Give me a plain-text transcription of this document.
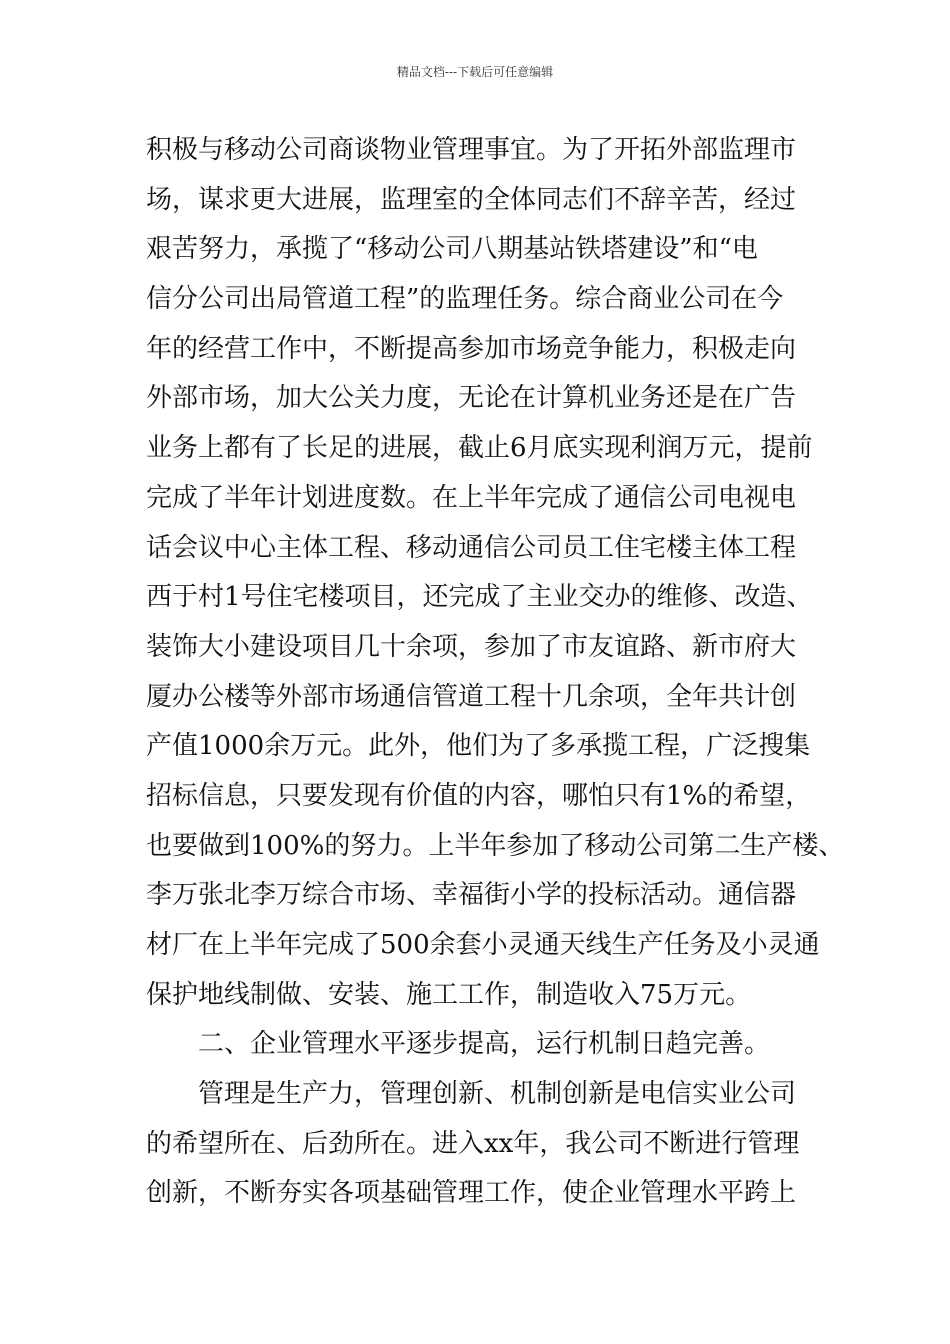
精品文档---下载后可任意编辑
积极与移动公司商谈物业管理事宜。为了开拓外部监理市
场，谋求更大进展，监理室的全体同志们不辞辛苦，经过
艰苦努力，承揽了“移动公司八期基站铁塔建设”和“电
信分公司出局管道工程”的监理任务。综合商业公司在今
年的经营工作中，不断提高参加市场竞争能力，积极走向
外部市场，加大公关力度，无论在计算机业务还是在广告
业务上都有了长足的进展，截止6月底实现利润万元，提前
完成了半年计划进度数。在上半年完成了通信公司电视电
话会议中心主体工程、移动通信公司员工住宅楼主体工程
西于村1号住宅楼项目，还完成了主业交办的维修、改造、
装饰大小建设项目几十余项，参加了市友谊路、新市府大
厦办公楼等外部市场通信管道工程十几余项，全年共计创
产值1000余万元。此外，他们为了多承揽工程，广泛搜集
招标信息，只要发现有价值的内容，哪怕只有1%的希望，
也要做到100%的努力。上半年参加了移动公司第二生产楼、
李万张北李万综合市场、幸福街小学的投标活动。通信器
材厂在上半年完成了500余套小灵通天线生产任务及小灵通
保护地线制做、安装、施工工作，制造收入75万元。
二、企业管理水平逐步提高，运行机制日趋完善。
管理是生产力，管理创新、机制创新是电信实业公司
的希望所在、后劲所在。进入xx年，我公司不断进行管理
创新，不断夯实各项基础管理工作，使企业管理水平跨上
